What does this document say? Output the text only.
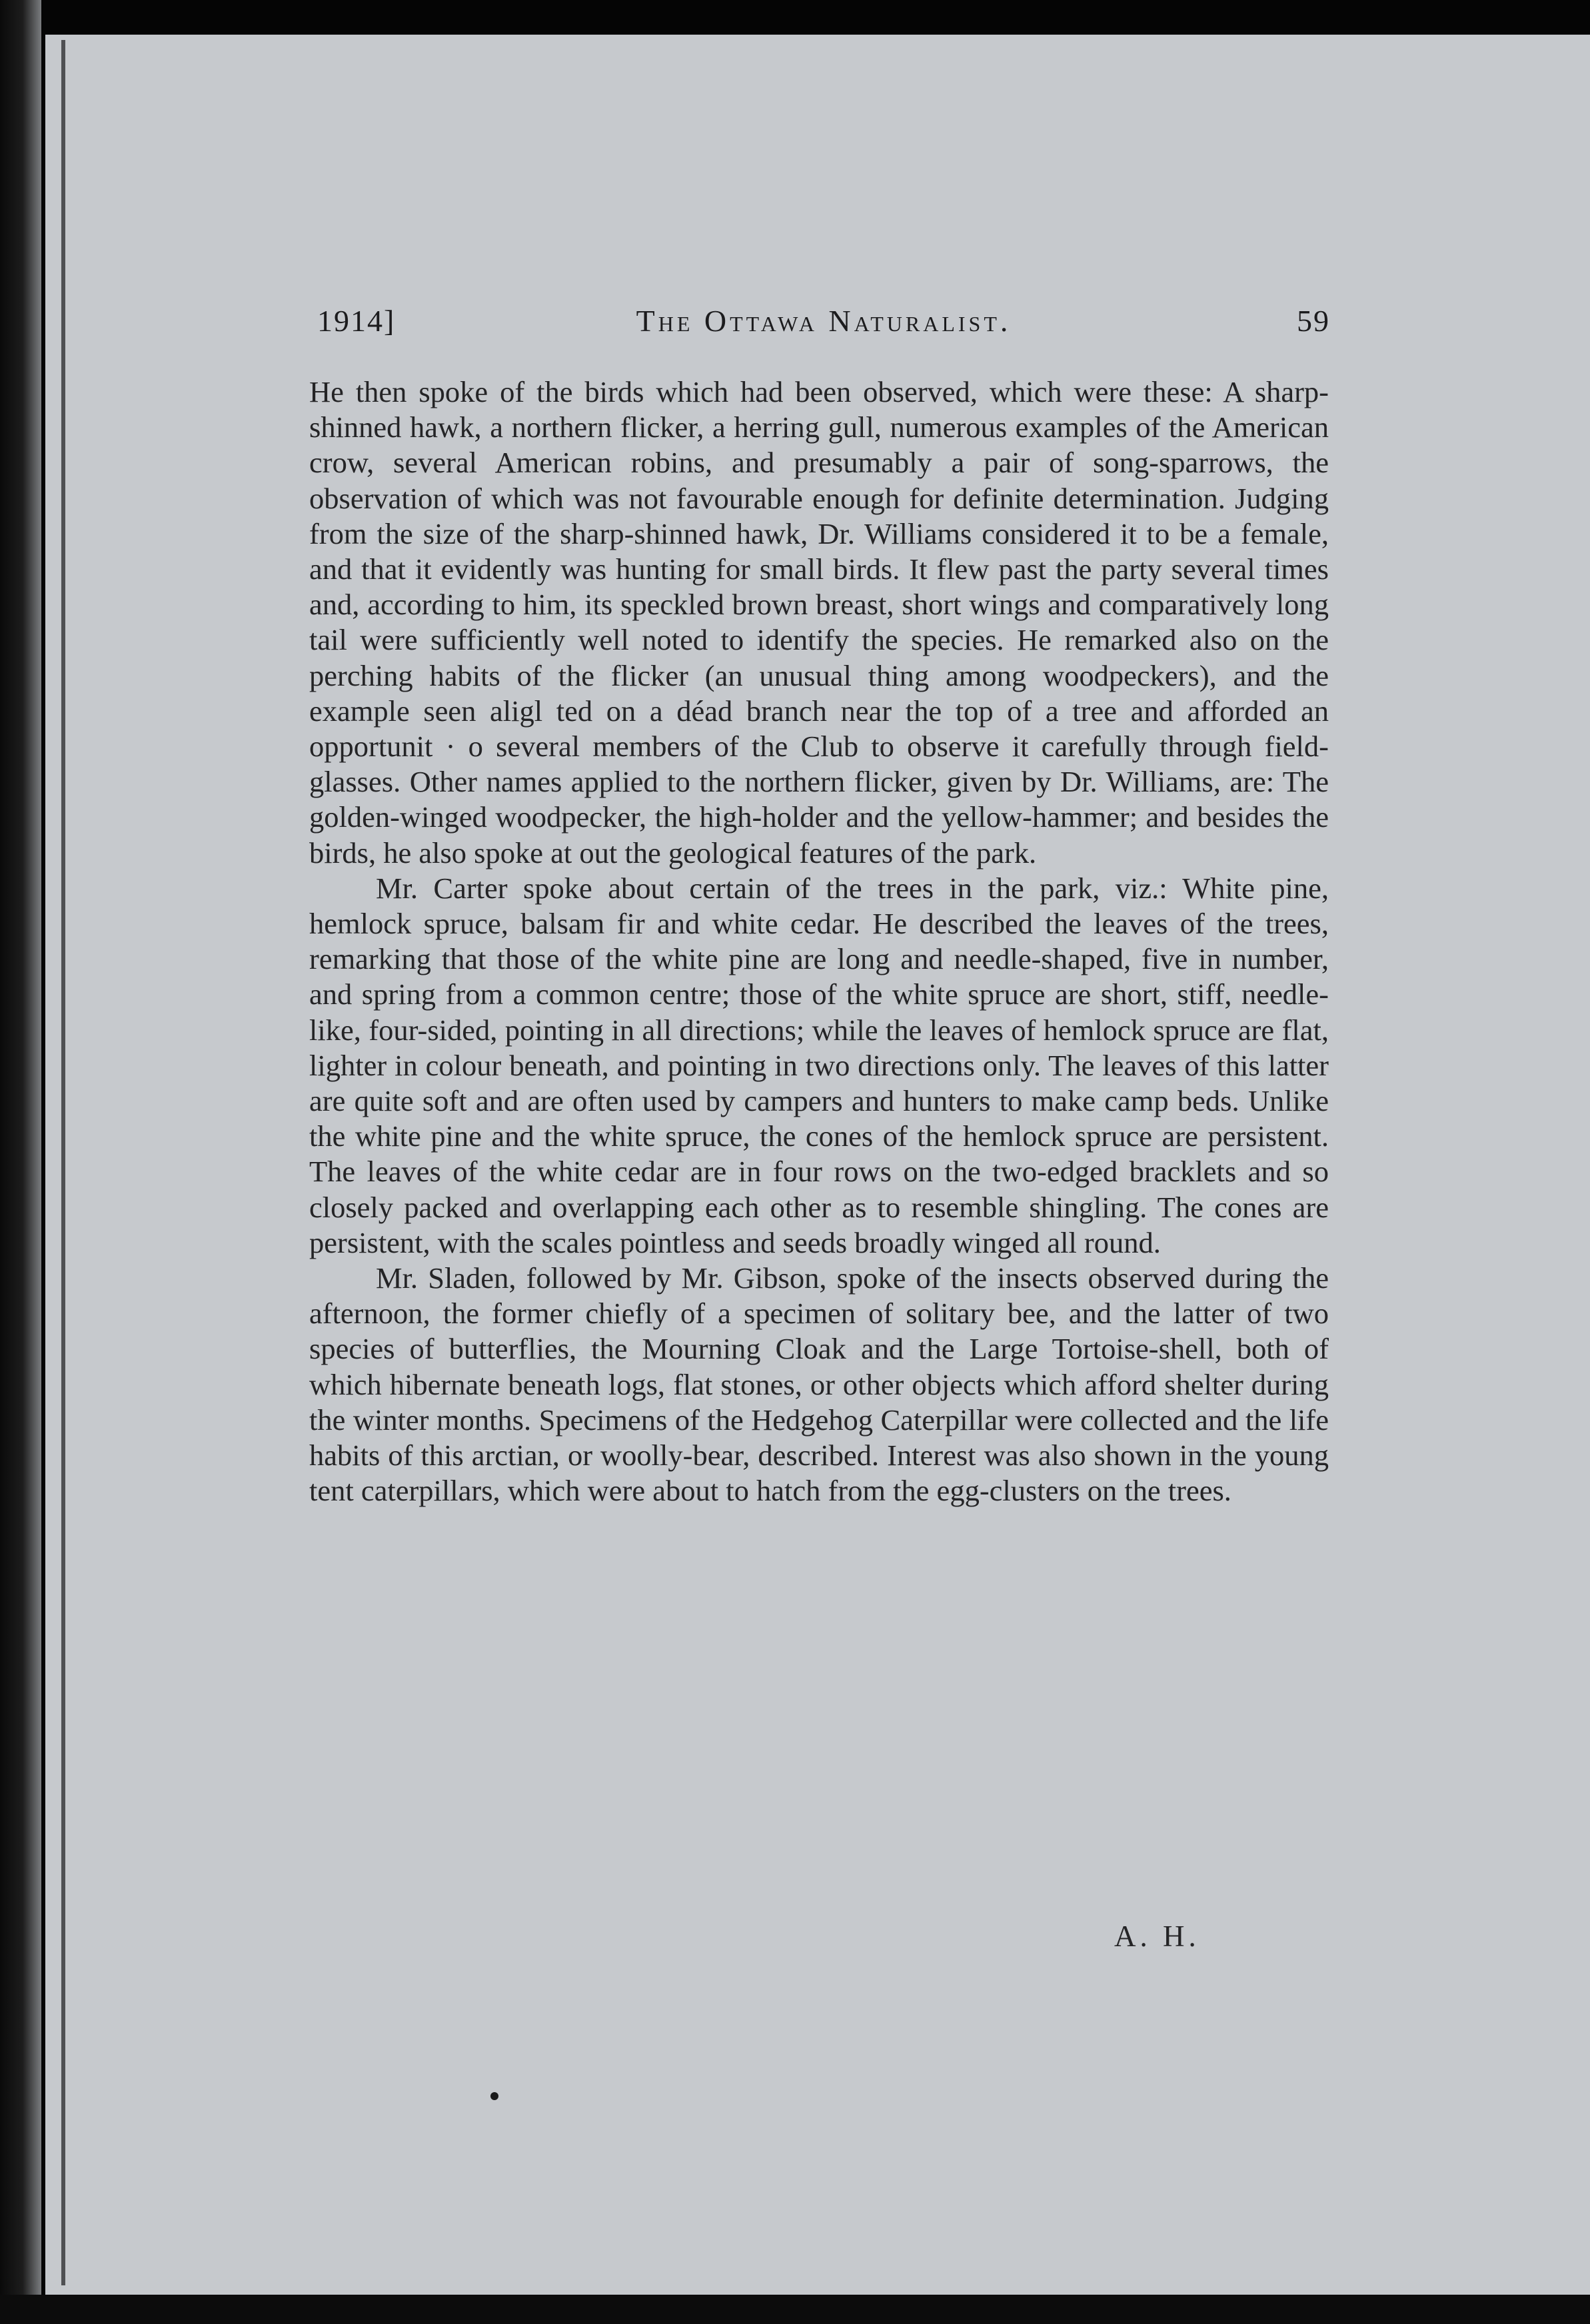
1914]	The Ottawa Naturalist.	59

He then spoke of the birds which had been observed, which were these: A sharp-shinned hawk, a northern flicker, a herring gull, numerous examples of the American crow, several American robins, and presumably a pair of song-sparrows, the observation of which was not favourable enough for definite determination. Judging from the size of the sharp-shinned hawk, Dr. Williams considered it to be a female, and that it evidently was hunting for small birds. It flew past the party several times and, according to him, its speckled brown breast, short wings and comparatively long tail were sufficiently well noted to identify the species. He remarked also on the perching habits of the flicker (an unusual thing among woodpeckers), and the example seen aligl ted on a déad branch near the top of a tree and afforded an opportunit · o several members of the Club to observe it carefully through field-glasses. Other names applied to the northern flicker, given by Dr. Williams, are: The golden-winged woodpecker, the high-holder and the yellow-hammer; and besides the birds, he also spoke at out the geological features of the park.

Mr. Carter spoke about certain of the trees in the park, viz.: White pine, hemlock spruce, balsam fir and white cedar. He described the leaves of the trees, remarking that those of the white pine are long and needle-shaped, five in number, and spring from a common centre; those of the white spruce are short, stiff, needle-like, four-sided, pointing in all directions; while the leaves of hemlock spruce are flat, lighter in colour beneath, and pointing in two directions only. The leaves of this latter are quite soft and are often used by campers and hunters to make camp beds. Unlike the white pine and the white spruce, the cones of the hemlock spruce are persistent. The leaves of the white cedar are in four rows on the two-edged bracklets and so closely packed and overlapping each other as to resemble shingling. The cones are persistent, with the scales pointless and seeds broadly winged all round.

Mr. Sladen, followed by Mr. Gibson, spoke of the insects observed during the afternoon, the former chiefly of a specimen of solitary bee, and the latter of two species of butterflies, the Mourning Cloak and the Large Tortoise-shell, both of which hibernate beneath logs, flat stones, or other objects which afford shelter during the winter months. Specimens of the Hedgehog Caterpillar were collected and the life habits of this arctian, or woolly-bear, described. Interest was also shown in the young tent caterpillars, which were about to hatch from the egg-clusters on the trees.

A. H.
